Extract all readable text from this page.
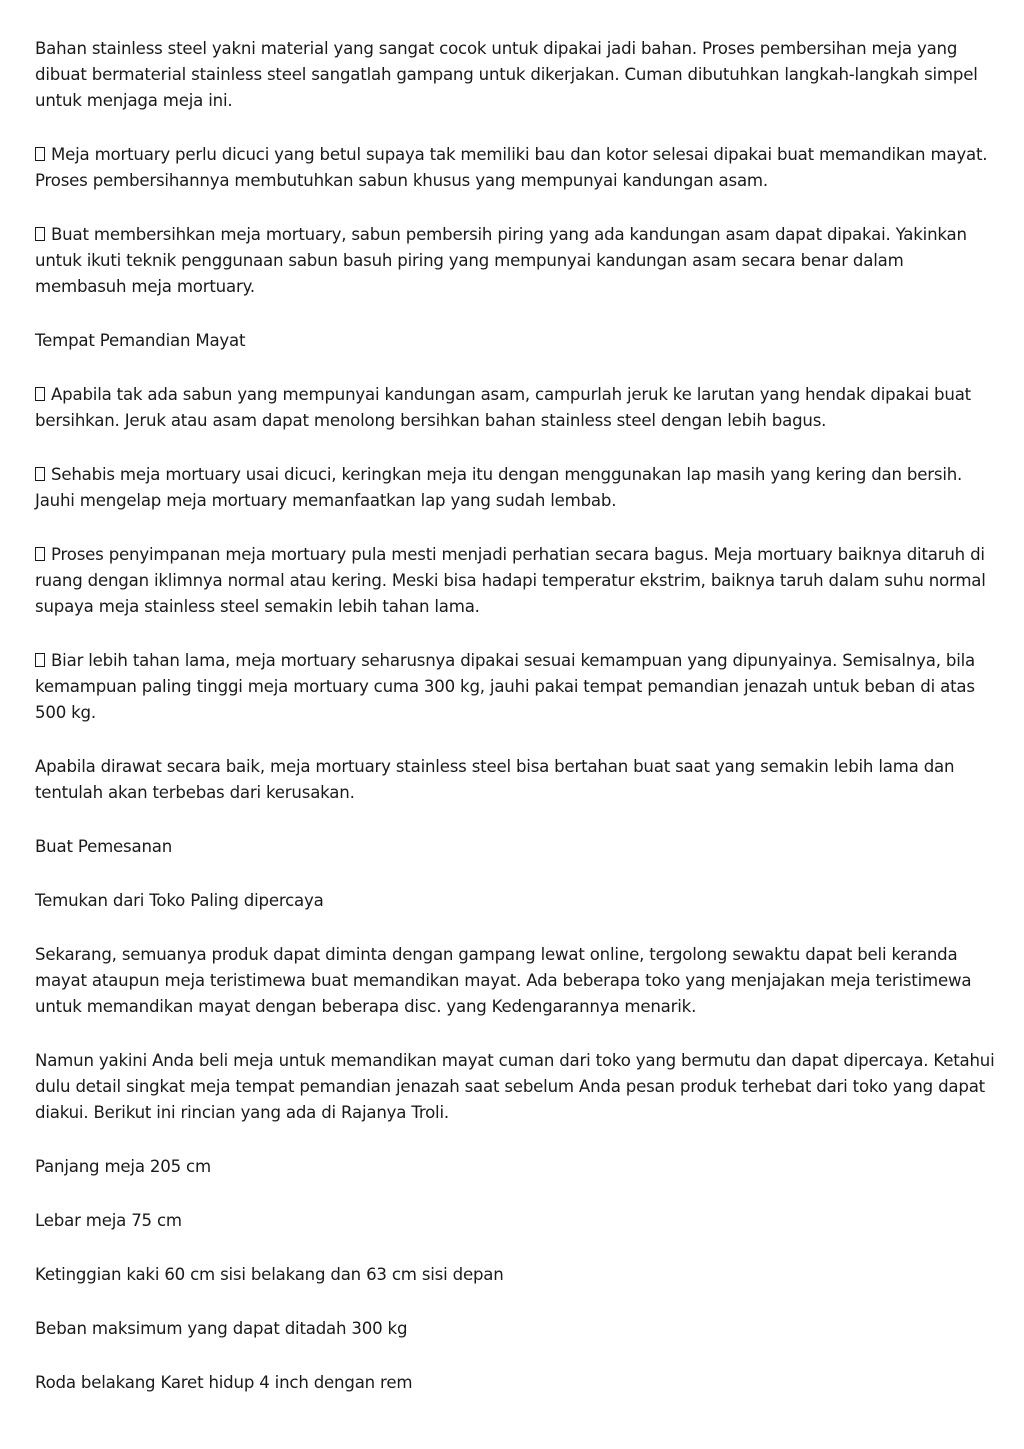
Bahan stainless steel yakni material yang sangat cocok untuk dipakai jadi bahan. Proses pembersihan meja yang dibuat bermaterial stainless steel sangatlah gampang untuk dikerjakan. Cuman dibutuhkan langkah-langkah simpel untuk menjaga meja ini.

Meja mortuary perlu dicuci yang betul supaya tak memiliki bau dan kotor selesai dipakai buat memandikan mayat. Proses pembersihannya membutuhkan sabun khusus yang mempunyai kandungan asam.

Buat membersihkan meja mortuary, sabun pembersih piring yang ada kandungan asam dapat dipakai. Yakinkan untuk ikuti teknik penggunaan sabun basuh piring yang mempunyai kandungan asam secara benar dalam membasuh meja mortuary.

Tempat Pemandian Mayat

Apabila tak ada sabun yang mempunyai kandungan asam, campurlah jeruk ke larutan yang hendak dipakai buat bersihkan. Jeruk atau asam dapat menolong bersihkan bahan stainless steel dengan lebih bagus.

Sehabis meja mortuary usai dicuci, keringkan meja itu dengan menggunakan lap masih yang kering dan bersih. Jauhi mengelap meja mortuary memanfaatkan lap yang sudah lembab.

Proses penyimpanan meja mortuary pula mesti menjadi perhatian secara bagus. Meja mortuary baiknya ditaruh di ruang dengan iklimnya normal atau kering. Meski bisa hadapi temperatur ekstrim, baiknya taruh dalam suhu normal supaya meja stainless steel semakin lebih tahan lama.

Biar lebih tahan lama, meja mortuary seharusnya dipakai sesuai kemampuan yang dipunyainya. Semisalnya, bila kemampuan paling tinggi meja mortuary cuma 300 kg, jauhi pakai tempat pemandian jenazah untuk beban di atas 500 kg.

Apabila dirawat secara baik, meja mortuary stainless steel bisa bertahan buat saat yang semakin lebih lama dan tentulah akan terbebas dari kerusakan.

Buat Pemesanan

Temukan dari Toko Paling dipercaya

Sekarang, semuanya produk dapat diminta dengan gampang lewat online, tergolong sewaktu dapat beli keranda mayat ataupun meja teristimewa buat memandikan mayat. Ada beberapa toko yang menjajakan meja teristimewa untuk memandikan mayat dengan beberapa disc. yang Kedengarannya menarik.

Namun yakini Anda beli meja untuk memandikan mayat cuman dari toko yang bermutu dan dapat dipercaya. Ketahui dulu detail singkat meja tempat pemandian jenazah saat sebelum Anda pesan produk terhebat dari toko yang dapat diakui. Berikut ini rincian yang ada di Rajanya Troli.

Panjang meja 205 cm

Lebar meja 75 cm

Ketinggian kaki 60 cm sisi belakang dan 63 cm sisi depan

Beban maksimum yang dapat ditadah 300 kg

Roda belakang Karet hidup 4 inch dengan rem
